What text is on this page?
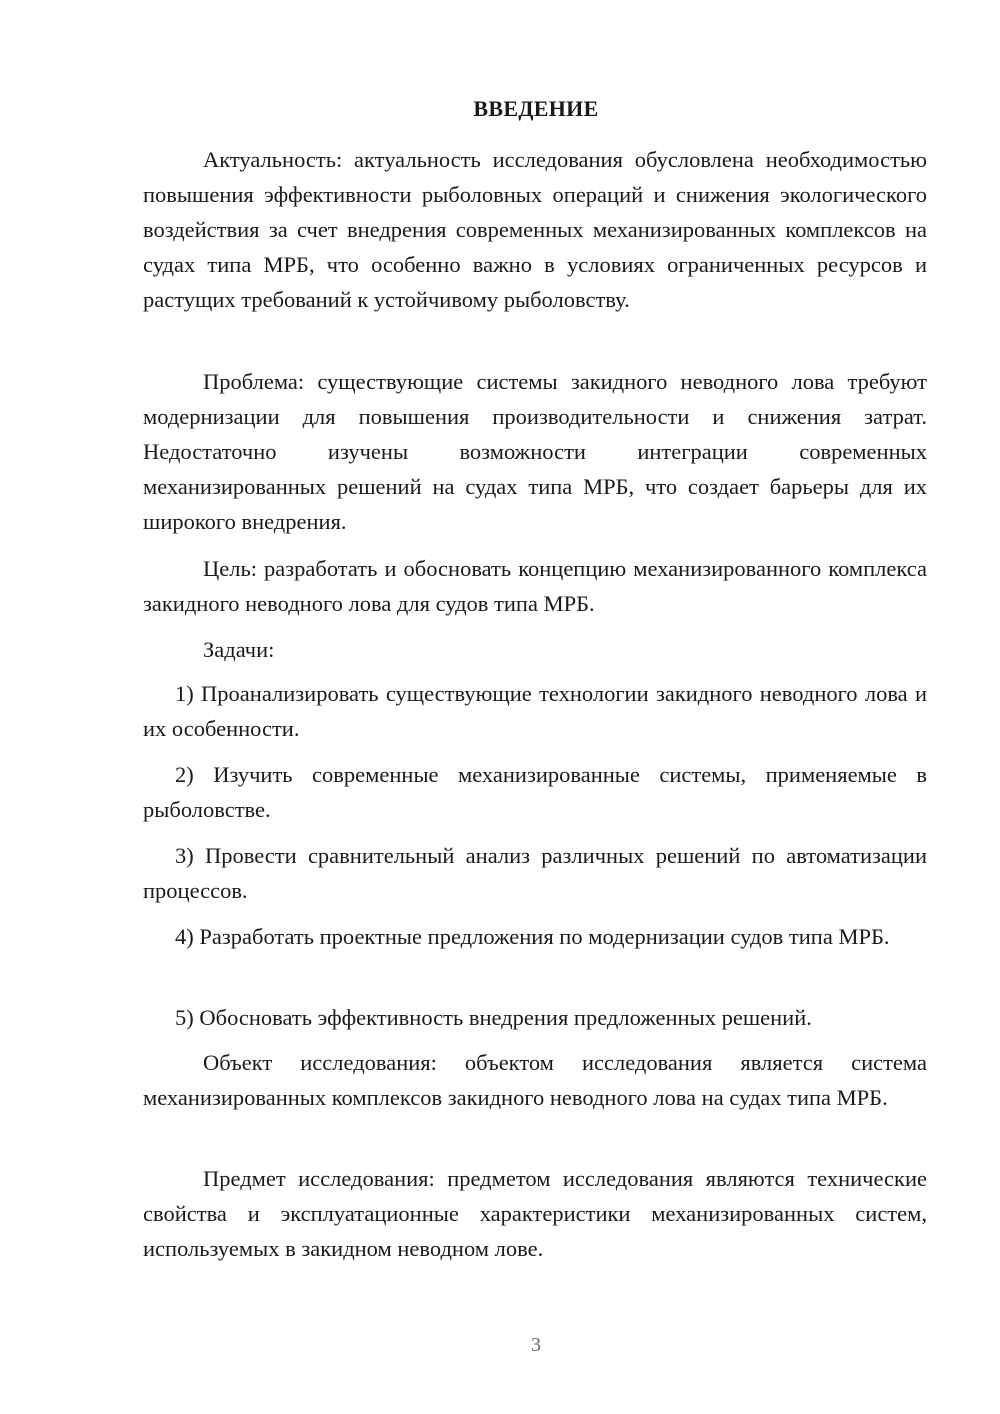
ВВЕДЕНИЕ

Актуальность: актуальность исследования обусловлена необходимостью повышения эффективности рыболовных операций и снижения экологического воздействия за счет внедрения современных механизированных комплексов на судах типа МРБ, что особенно важно в условиях ограниченных ресурсов и растущих требований к устойчивому рыболовству.

Проблема: существующие системы закидного неводного лова требуют модернизации для повышения производительности и снижения затрат. Недостаточно изучены возможности интеграции современных механизированных решений на судах типа МРБ, что создает барьеры для их широкого внедрения.

Цель: разработать и обосновать концепцию механизированного комплекса закидного неводного лова для судов типа МРБ.

Задачи:

1) Проанализировать существующие технологии закидного неводного лова и их особенности.

2) Изучить современные механизированные системы, применяемые в рыболовстве.

3) Провести сравнительный анализ различных решений по автоматизации процессов.

4) Разработать проектные предложения по модернизации судов типа МРБ.

5) Обосновать эффективность внедрения предложенных решений.

Объект исследования: объектом исследования является система механизированных комплексов закидного неводного лова на судах типа МРБ.

Предмет исследования: предметом исследования являются технические свойства и эксплуатационные характеристики механизированных систем, используемых в закидном неводном лове.

3
